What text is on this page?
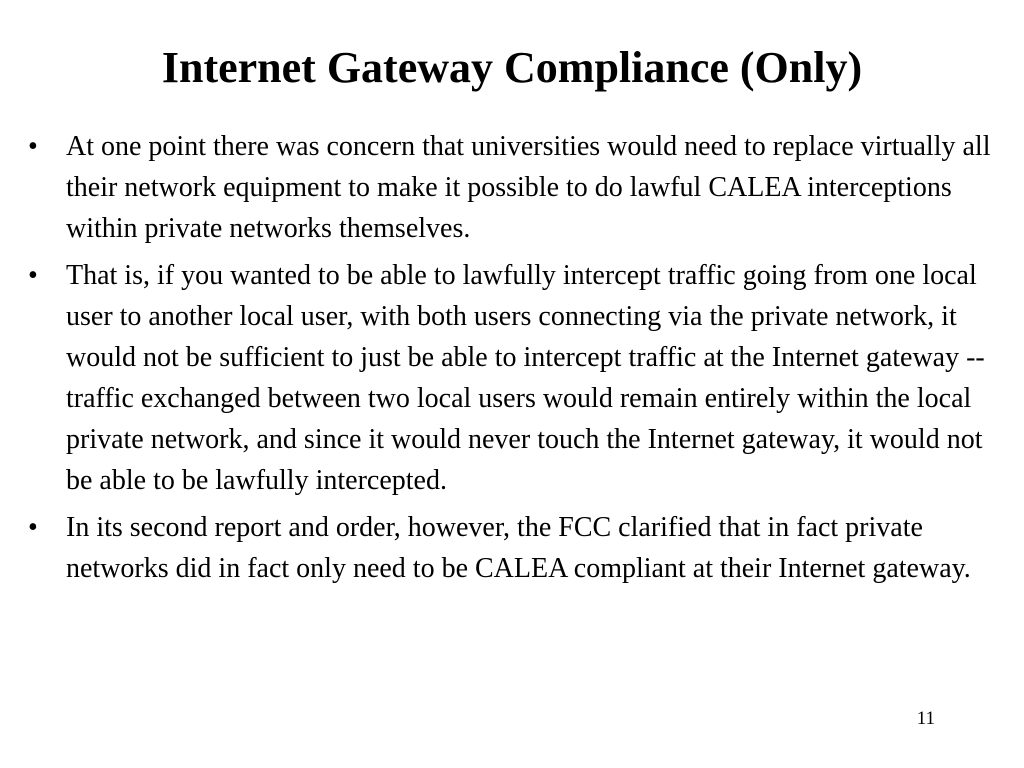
Internet Gateway Compliance (Only)
•	At one point there was concern that universities would need to replace virtually all their network equipment to make it possible to do lawful CALEA interceptions within private networks themselves.
•	That is, if you wanted to be able to lawfully intercept traffic going from one local user to another local user, with both users connecting via the private network, it would not be sufficient to just be able to intercept traffic at the Internet gateway -- traffic exchanged between two local users would remain entirely within the local private network, and since it would never touch the Internet gateway, it would not be able to be lawfully intercepted.
•	In its second report and order, however, the FCC clarified that in fact private networks did in fact only need to be CALEA compliant at their Internet gateway.
11
